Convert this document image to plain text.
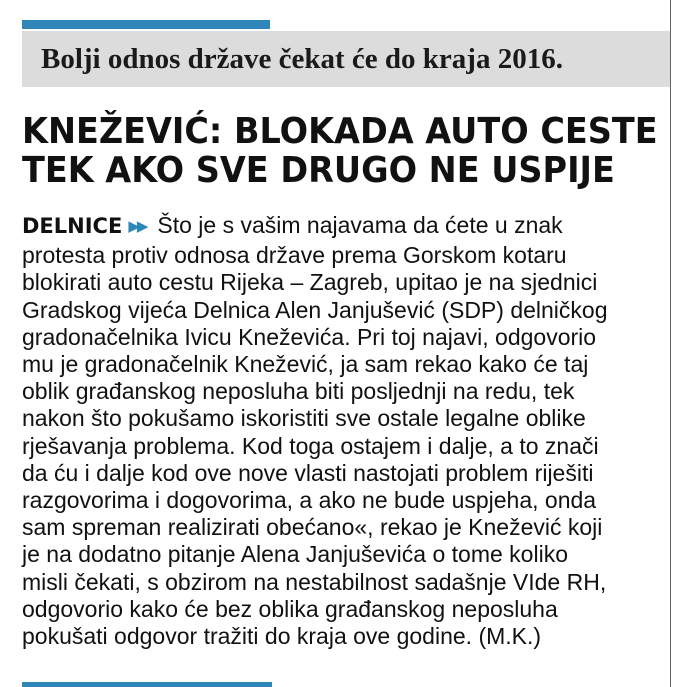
Bolji odnos države čekat će do kraja 2016.
KNEŽEVIĆ: BLOKADA AUTO CESTE
TEK AKO SVE DRUGO NE USPIJE
DELNICE ▶▶ Što je s vašim najavama da ćete u znak
protesta protiv odnosa države prema Gorskom kotaru
blokirati auto cestu Rijeka – Zagreb, upitao je na sjednici
Gradskog vijeća Delnica Alen Janjušević (SDP) delničkog
gradonačelnika Ivicu Kneževića. Pri toj najavi, odgovorio
mu je gradonačelnik Knežević, ja sam rekao kako će taj
oblik građanskog neposluha biti posljednji na redu, tek
nakon što pokušamo iskoristiti sve ostale legalne oblike
rješavanja problema. Kod toga ostajem i dalje, a to znači
da ću i dalje kod ove nove vlasti nastojati problem riješiti
razgovorima i dogovorima, a ako ne bude uspjeha, onda
sam spreman realizirati obećano«, rekao je Knežević koji
je na dodatno pitanje Alena Janjuševića o tome koliko
misli čekati, s obzirom na nestabilnost sadašnje VIde RH,
odgovorio kako će bez oblika građanskog neposluha
pokušati odgovor tražiti do kraja ove godine. (M.K.)
